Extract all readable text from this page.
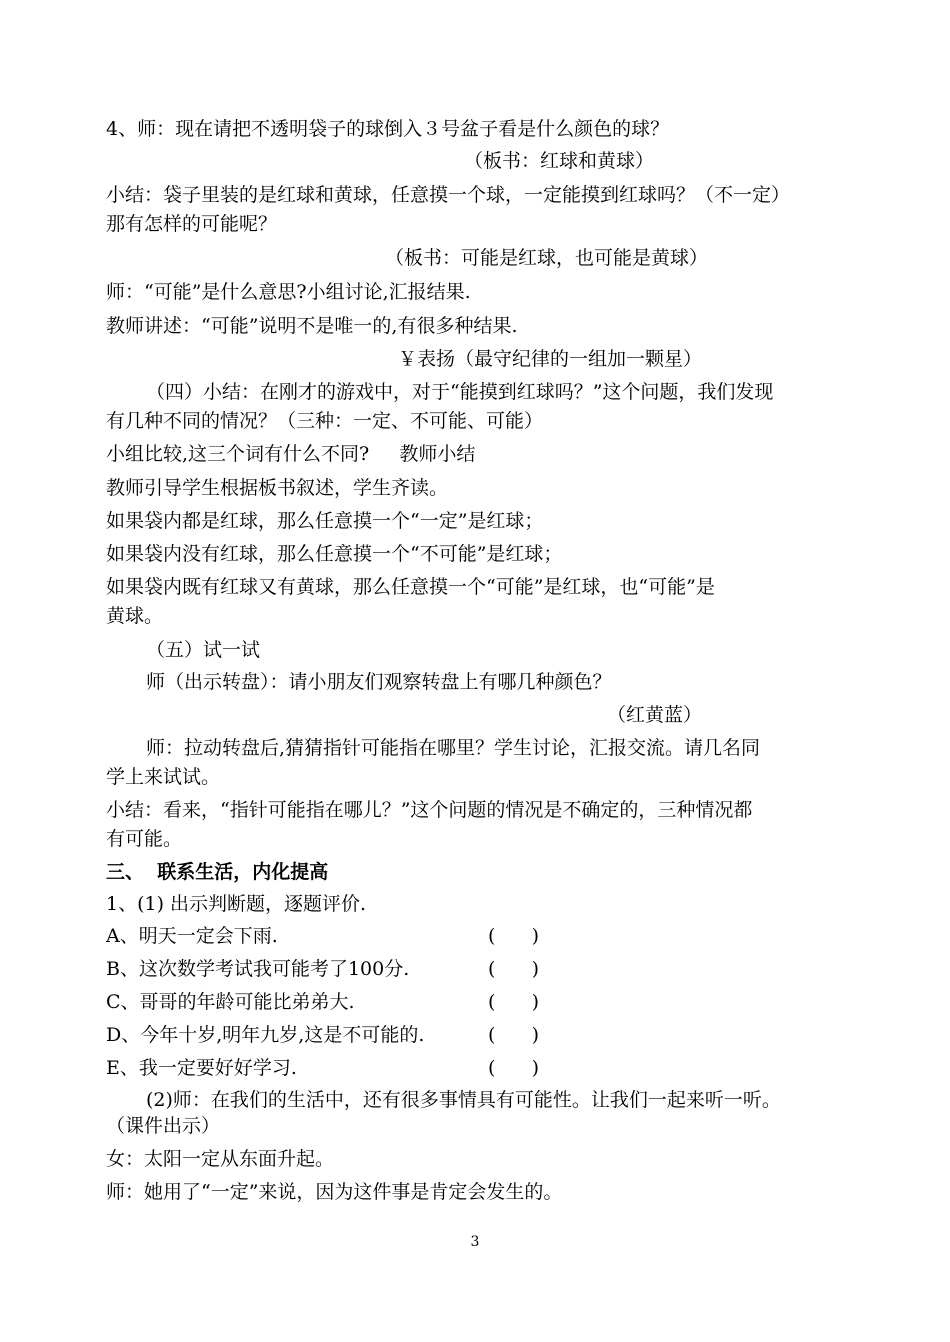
4、师：现在请把不透明袋子的球倒入３号盆子看是什么颜色的球？

（板书：红球和黄球）

小结：袋子里装的是红球和黄球，任意摸一个球，一定能摸到红球吗？（不一定）

那有怎样的可能呢？

（板书：可能是红球，也可能是黄球）

师：“可能”是什么意思?小组讨论,汇报结果.

教师讲述：“可能”说明不是唯一的,有很多种结果.

￥表扬（最守纪律的一组加一颗星）

（四）小结：在刚才的游戏中，对于“能摸到红球吗？”这个问题，我们发现

有几种不同的情况？（三种：一定、不可能、可能）

小组比较,这三个词有什么不同?     教师小结

教师引导学生根据板书叙述，学生齐读。

如果袋内都是红球，那么任意摸一个“一定”是红球；

如果袋内没有红球，那么任意摸一个“不可能”是红球；

如果袋内既有红球又有黄球，那么任意摸一个“可能”是红球，也“可能”是

黄球。

（五）试一试

师（出示转盘）：请小朋友们观察转盘上有哪几种颜色？

（红黄蓝）

师：拉动转盘后,猜猜指针可能指在哪里？学生讨论，汇报交流。请几名同

学上来试试。

小结：看来，“指针可能指在哪儿？”这个问题的情况是不确定的，三种情况都

有可能。

三、  联系生活，内化提高

1、(1) 出示判断题，逐题评价.

A、明天一定会下雨.	(      )

B、这次数学考试我可能考了100分.	(      )

C、哥哥的年龄可能比弟弟大.	(      )

D、今年十岁,明年九岁,这是不可能的.	(      )

E、我一定要好好学习.	(      )

(2)师：在我们的生活中，还有很多事情具有可能性。让我们一起来听一听。

（课件出示）

女：太阳一定从东面升起。

师：她用了“一定”来说，因为这件事是肯定会发生的。

3
